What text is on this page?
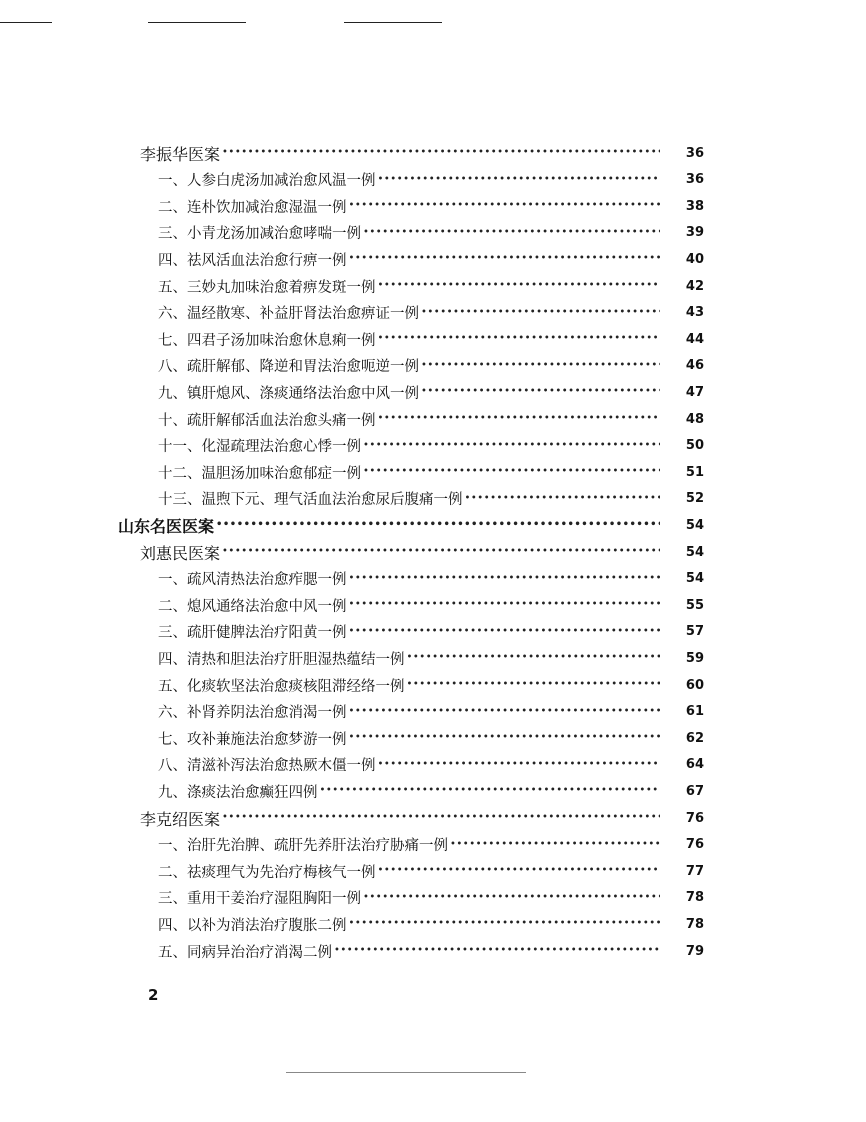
李振华医案 •••••	36
一、人参白虎汤加减治愈风温一例 •••••	36
二、连朴饮加减治愈湿温一例 •••••	38
三、小青龙汤加减治愈哮喘一例 •••••	39
四、祛风活血法治愈行痹一例 •••••	40
五、三妙丸加味治愈着痹发斑一例 •••••	42
六、温经散寒、补益肝肾法治愈痹证一例 •••••	43
七、四君子汤加味治愈休息痢一例 •••••	44
八、疏肝解郁、降逆和胃法治愈呃逆一例 •••••	46
九、镇肝熄风、涤痰通络法治愈中风一例 •••••	47
十、疏肝解郁活血法治愈头痛一例 •••••	48
十一、化湿疏理法治愈心悸一例 •••••	50
十二、温胆汤加味治愈郁症一例 •••••	51
十三、温煦下元、理气活血法治愈尿后腹痛一例 •••••	52
山东名医医案 •••••	54
刘惠民医案 •••••	54
一、疏风清热法治愈痄腮一例 •••••	54
二、熄风通络法治愈中风一例 •••••	55
三、疏肝健脾法治疗阳黄一例 •••••	57
四、清热和胆法治疗肝胆湿热蕴结一例 •••••	59
五、化痰软坚法治愈痰核阻滞经络一例 •••••	60
六、补肾养阴法治愈消渴一例 •••••	61
七、攻补兼施法治愈梦游一例 •••••	62
八、清滋补泻法治愈热厥木僵一例 •••••	64
九、涤痰法治愈癫狂四例 •••••	67
李克绍医案 •••••	76
一、治肝先治脾、疏肝先养肝法治疗胁痛一例 •••••	76
二、祛痰理气为先治疗梅核气一例 •••••	77
三、重用干姜治疗湿阻胸阳一例 •••••	78
四、以补为消法治疗腹胀二例 •••••	78
五、同病异治治疗消渴二例 •••••	79
2
